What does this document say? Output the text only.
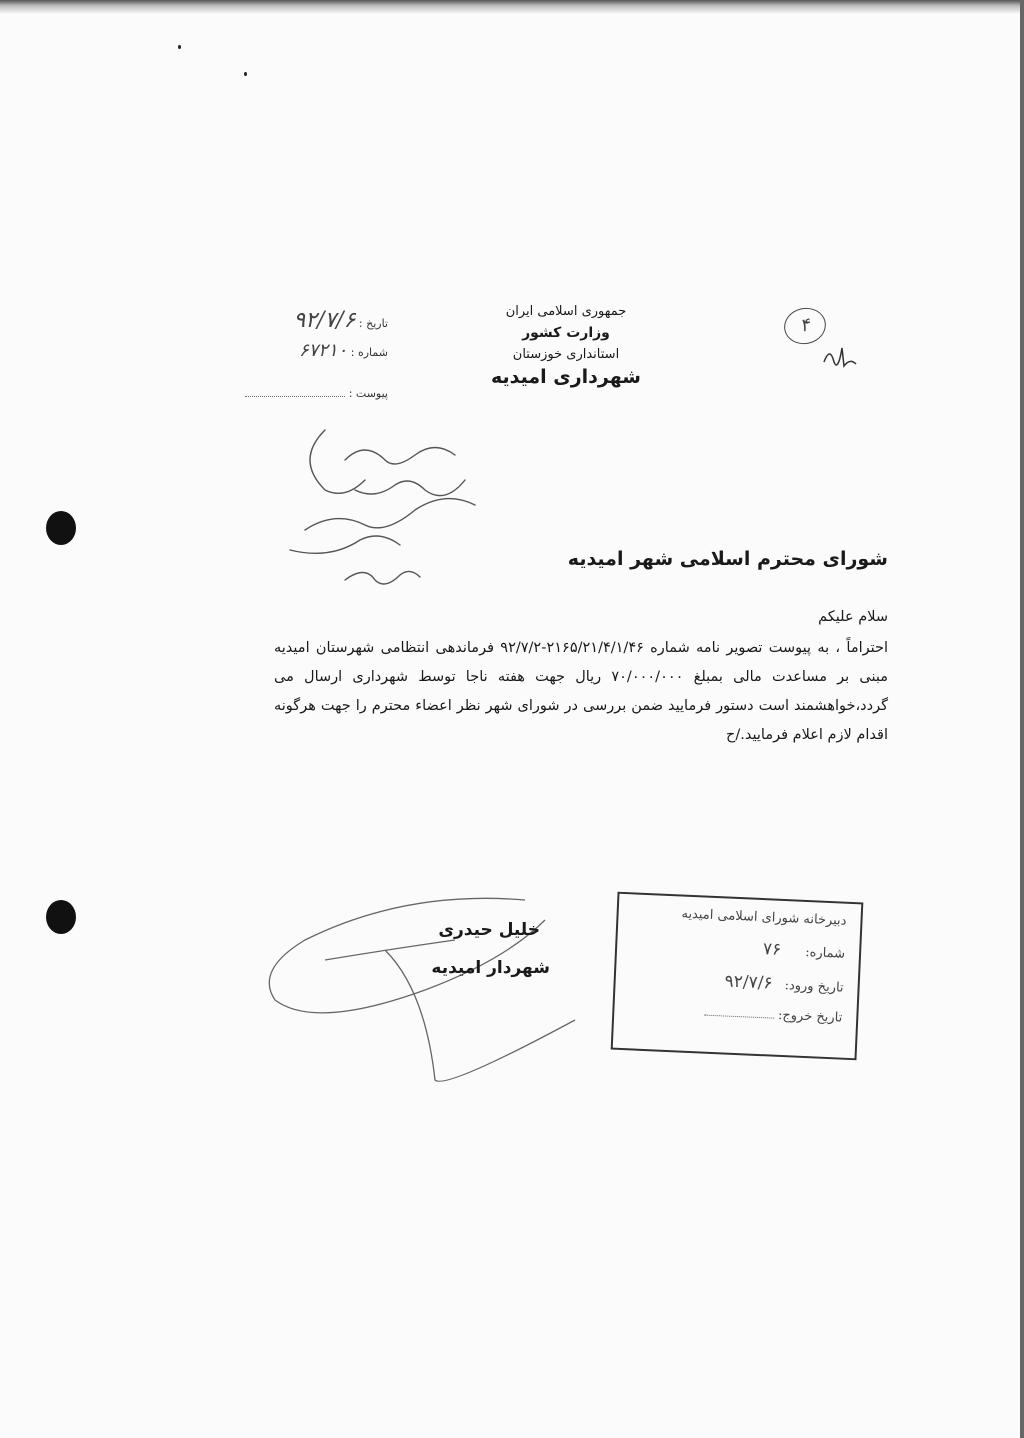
جمهوری اسلامی ایران
وزارت کشور
استانداری خوزستان
شهرداری امیدیه
تاریخ : ۹۲/۷/۶
شماره : ۶۷۲۱۰
پیوست :
۴
شورای محترم اسلامی شهر امیدیه
سلام علیکم
احتراماً ، به پیوست تصویر نامه شماره ۲۱۶۵/۲۱/۴/۱/۴۶-۹۲/۷/۲ فرماندهی انتظامی شهرستان امیدیه مبنی بر مساعدت مالی بمبلغ ۷۰/۰۰۰/۰۰۰ ریال جهت هفته ناجا توسط شهرداری ارسال می گردد،خواهشمند است دستور فرمایید ضمن بررسی در شورای شهر نظر اعضاء محترم را جهت هرگونه اقدام لازم اعلام فرمایید./ح
خلیل حیدری
شهردار امیدیه
دبیرخانه شورای اسلامی امیدیه
شماره: ۷۶
تاریخ ورود: ۹۲/۷/۶
تاریخ خروج:
